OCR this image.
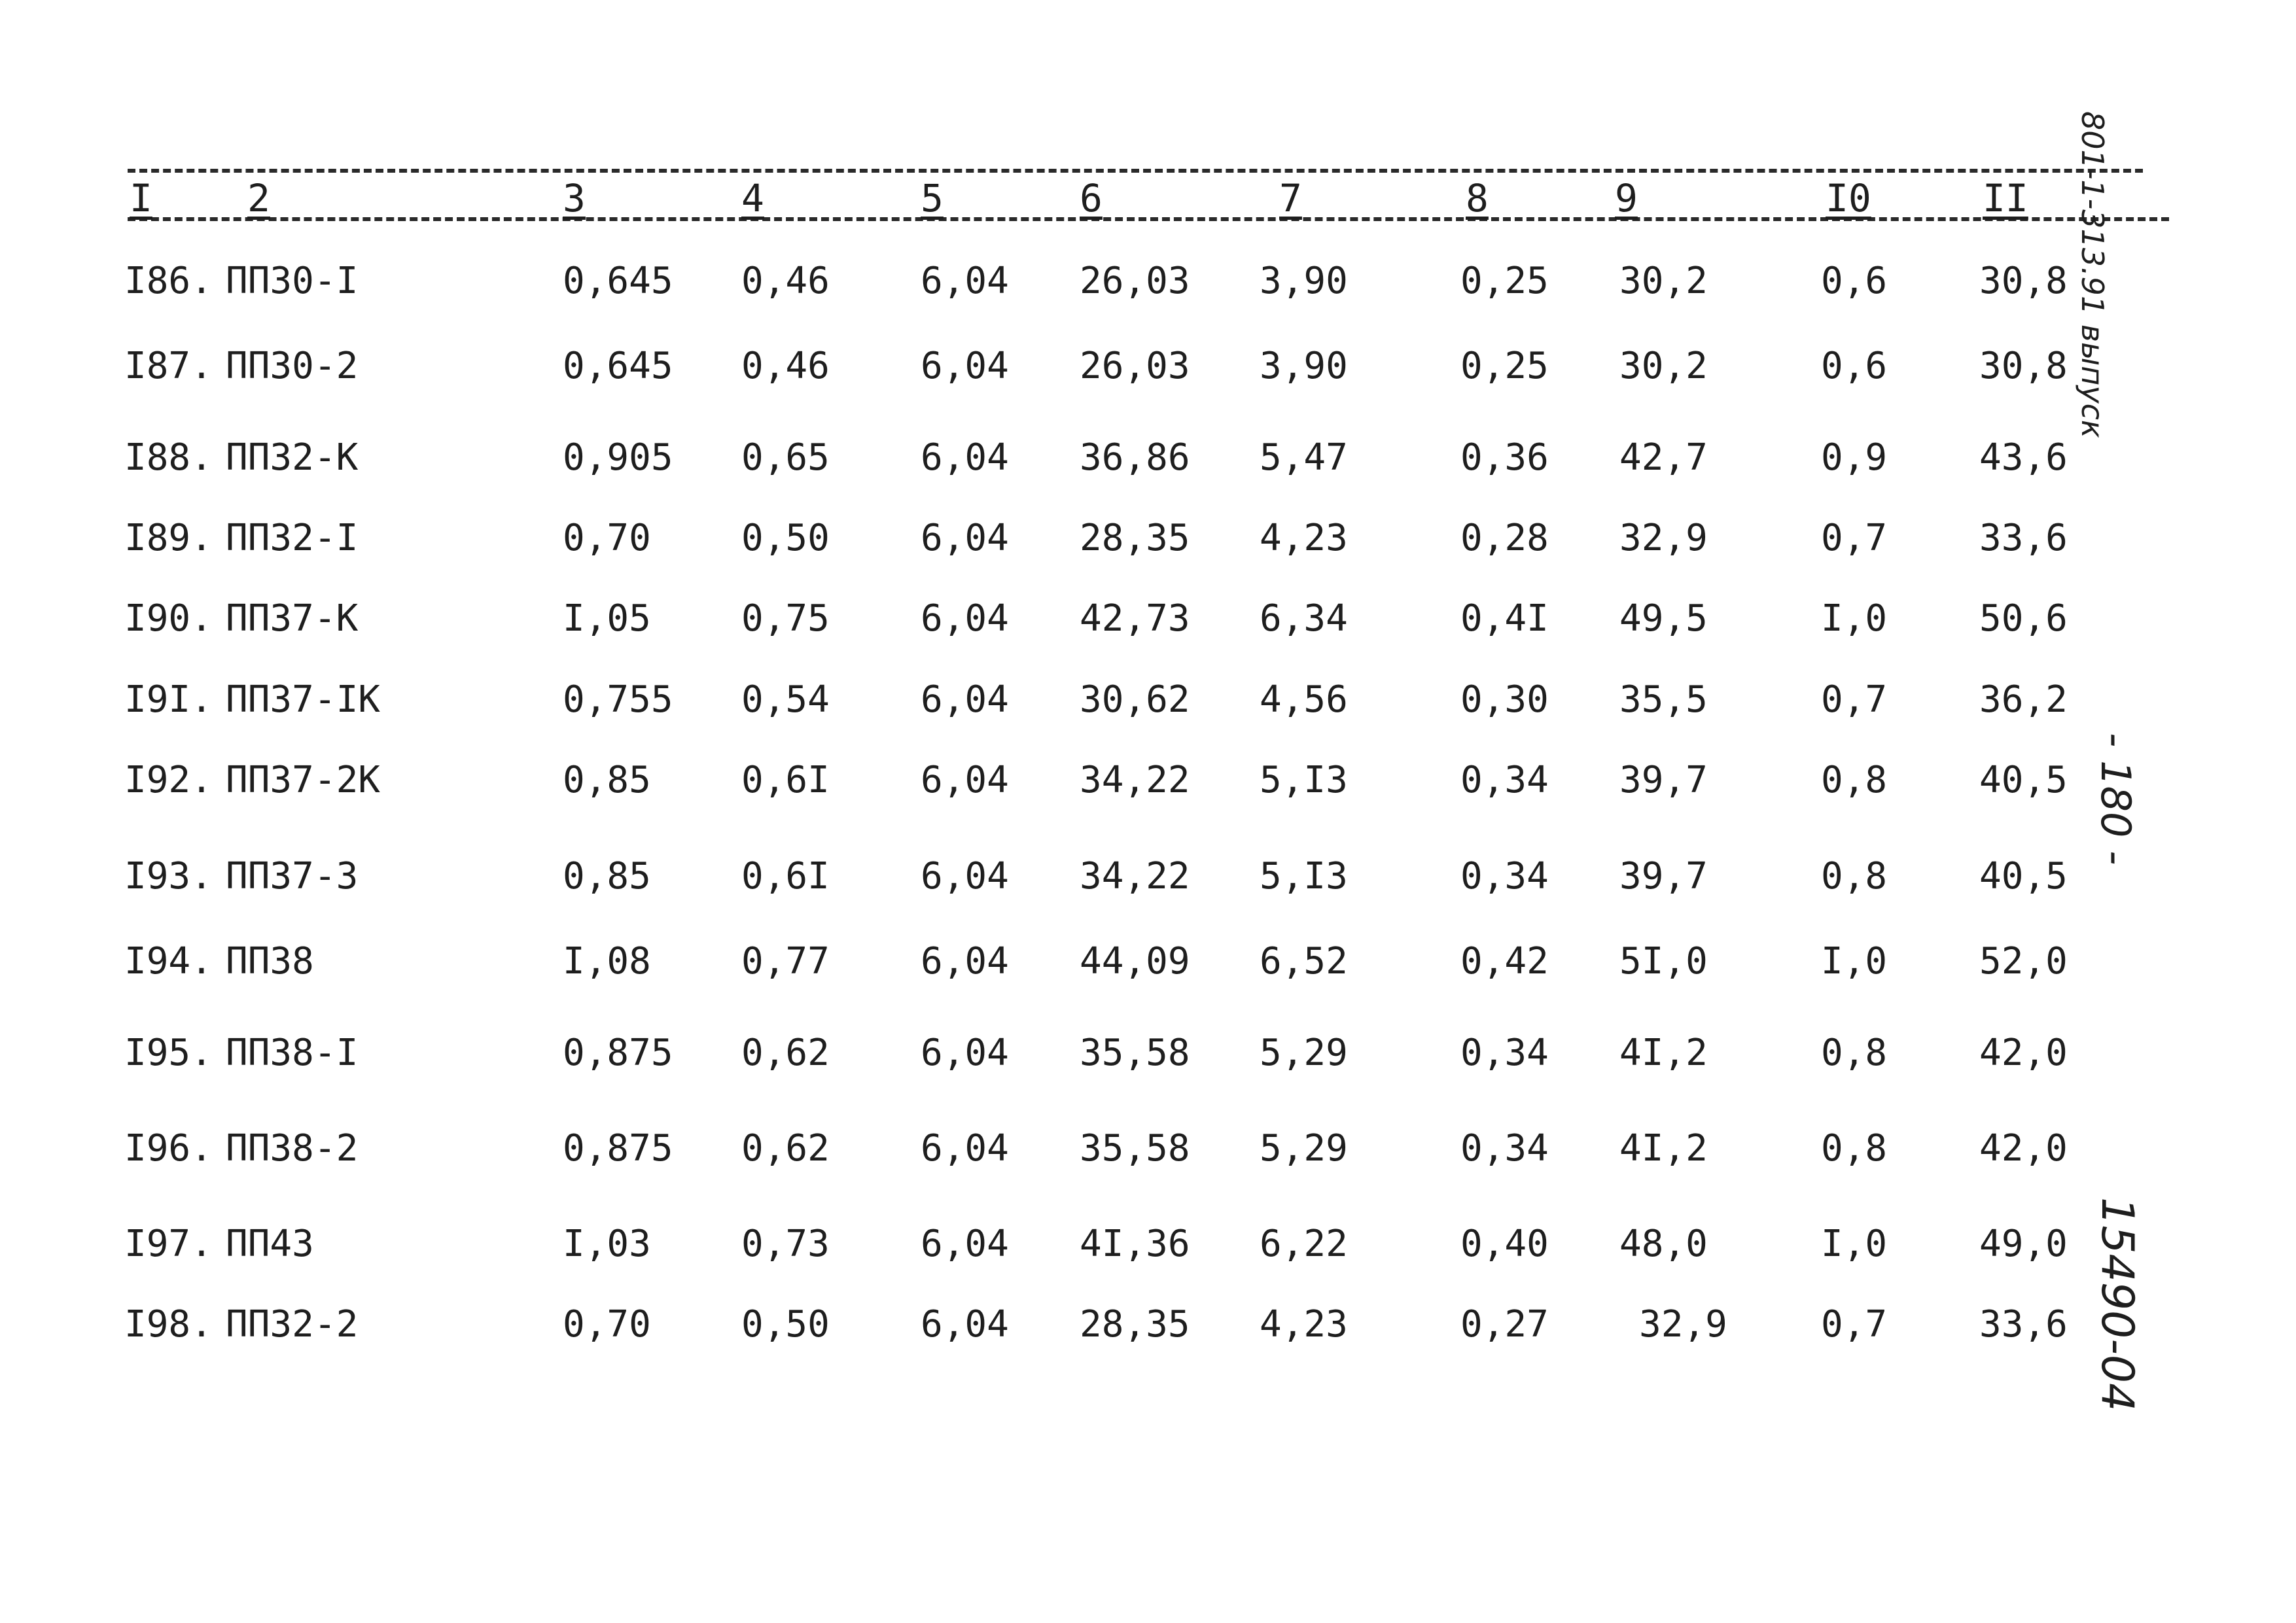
I	2	3	4	5	6	7	8	9	I0	II
I86. ПП30-I	0,645 0,46 6,04 26,03 3,90	0,25 30,2	0,6	30,8
I87. ПП30-2	0,645 0,46 6,04 26,03 3,90	0,25 30,2	0,6	30,8
I88. ПП32-К	0,905 0,65 6,04 36,86 5,47	0,36 42,7	0,9	43,6
I89. ПП32-I	0,70 0,50 6,04 28,35 4,23	0,28 32,9	0,7	33,6
I90. ПП37-К	I,05 0,75 6,04 42,73 6,34	0,4I 49,5	I,0	50,6
I9I. ПП37-IК	0,755 0,54 6,04 30,62 4,56	0,30 35,5	0,7	36,2
I92. ПП37-2К	0,85 0,6I 6,04 34,22 5,I3	0,34 39,7	0,8	40,5
I93. ПП37-3	0,85 0,6I 6,04 34,22 5,I3	0,34 39,7	0,8	40,5
I94. ПП38	I,08 0,77 6,04 44,09 6,52	0,42 5I,0	I,0	52,0
I95. ПП38-I	0,875 0,62 6,04 35,58 5,29	0,34 4I,2	0,8	42,0
I96. ПП38-2	0,875 0,62 6,04 35,58 5,29	0,34 4I,2	0,8	42,0
I97. ПП43	I,03 0,73 6,04 4I,36 6,22	0,40 48,0	I,0	49,0
I98. ПП32-2	0,70 0,50 6,04 28,35 4,23	0,27 32,9	0,7	33,6
801-1-313.91 выпуск
- 180 -
15490-04
